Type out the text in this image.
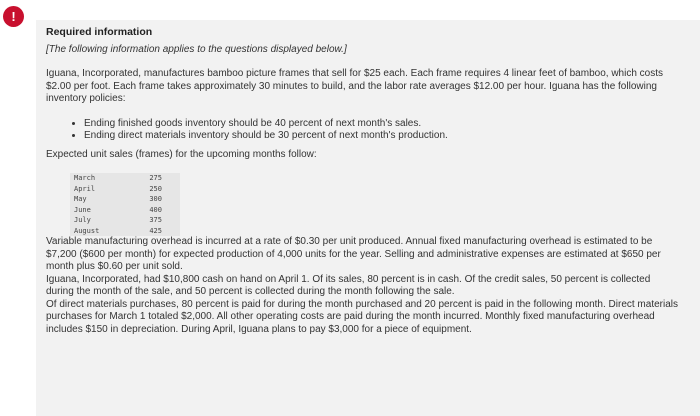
!
Required information
[The following information applies to the questions displayed below.]

Iguana, Incorporated, manufactures bamboo picture frames that sell for $25 each. Each frame requires 4 linear feet of bamboo, which costs $2.00 per foot. Each frame takes approximately 30 minutes to build, and the labor rate averages $12.00 per hour. Iguana has the following inventory policies:

• Ending finished goods inventory should be 40 percent of next month's sales.
• Ending direct materials inventory should be 30 percent of next month's production.

Expected unit sales (frames) for the upcoming months follow:

March	275
April	250
May	300
June	400
July	375
August	425

Variable manufacturing overhead is incurred at a rate of $0.30 per unit produced. Annual fixed manufacturing overhead is estimated to be $7,200 ($600 per month) for expected production of 4,000 units for the year. Selling and administrative expenses are estimated at $650 per month plus $0.60 per unit sold.

Iguana, Incorporated, had $10,800 cash on hand on April 1. Of its sales, 80 percent is in cash. Of the credit sales, 50 percent is collected during the month of the sale, and 50 percent is collected during the month following the sale.

Of direct materials purchases, 80 percent is paid for during the month purchased and 20 percent is paid in the following month. Direct materials purchases for March 1 totaled $2,000. All other operating costs are paid during the month incurred. Monthly fixed manufacturing overhead includes $150 in depreciation. During April, Iguana plans to pay $3,000 for a piece of equipment.
